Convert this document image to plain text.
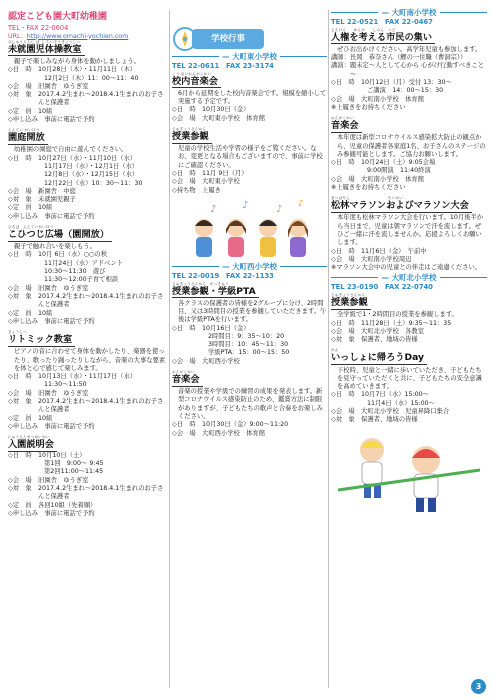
認定こども園大町幼稚園
TEL・FAX 22-0604
URL：http://www.omachi-yochien.com
みしゅうえんじ ぼ し たいそうきょうしつ
未就園児体操教室
親子で楽しみながら身体を動かしましょう。
◇日　時　 10月28日（木）・11月11日（木）
12月2日（木）11：00～11：40
◇会　場　 旧園舎　ゆうぎ室
◇対　象　 2017.4.2生まれ～2018.4.1生まれのお子さんと保護者
◇定　員　 10組
◇申し込み　 事前に電話で予約
えんてい かいほう
園庭開放
幼稚園の園庭で自由に遊んでください。
◇日　時　 10月27日（水）・11月10日（水）
11月17日（水）・12月1日（水）
12月8日（水）・12月15日（水）
12月22日（水）10：30～11：30
◇会　場　 新園舎　中庭
◇対　象　 未就園児親子
◇定　員　 10組
◇申し込み　 事前に電話で予約
ひろば　えんていかいほう
こひつじ広場（園開放）
親子で触れ合いを楽しもう。
◇日　時　 10月 6日（水）○○の秋
11月24日（水）アドベント
10:30～11:30　遊び
11:30～12:00子育て相談
◇会　場　 旧園舎　ゆうぎ室
◇対　象　 2017.4.2生まれ～2018.4.1生まれのお子さんと保護者
◇定　員　 10組
◇申し込み　 事前に電話で予約
きょうしつ
リトミック教室
ピアノの音に合わせて身体を動かしたり、楽器を使ったり、歌ったり踊ったりしながら、音楽の大事な要素を体と心で感じて楽しみます。
◇日　時　 10月13日（水）・11月17日（水）
11:30～11:50
◇会　場　 旧園舎　ゆうぎ室
◇対　象　 2017.4.2生まれ～2018.4.1生まれのお子さんと保護者
◇定　員　 10組
◇申し込み　 事前に電話で予約
にゅうえんせつめいかい
入園説明会
◇日　時　 10月10日（土）
第1回　9:00～ 9:45
第2回11:00～11:45
◇会　場　 旧園舎　ゆうぎ室
◇対　象　 2017.4.2生まれ～2018.4.1生まれのお子さんと保護者
◇定　員　 各回10組（先着順）
◇申し込み　 事前に電話で予約
学校行事
— 大町東小学校
TEL 22-0611　FAX 23-3174
こう ないおんがくかい
校内音楽会
6月から延期をした校内音楽会です。規模を縮小して実施する予定です。
◇日　時　 10月30日（金）
◇会　場　 大町東小学校　体育館
じゅぎょうさんかん
授業参観
児童の学校生活や学習の様子をご覧ください。なお、変更となる場合もございますので、事前に学校にご確認ください。
◇日　時　 11月 9日（月）
◇会　場　 大町東小学校
◇持ち物　 上履き
♪	♪	♪ ♪
— 大町西小学校
TEL 22-0019　FAX 22-1133
じゅぎょうさんかん　がっきゅう
授業参観・学級PTA
各クラスの保護者の皆様を2グループに分け、2時間目、又は3時間目の授業を参観していただきます。午後は学級PTAを行います。
◇日　時　 10月16日（金）
2時間目：9：35～10：20
3時間目：10：45～11：30
学級PTA：15：00～15：50
◇会　場　 大町西小学校
おんがくかい
音楽会
音楽の授業や学級での練習の成果を発表します。新型コロナウイルス感染防止のため、鑑賞方法に制限がありますが、子どもたちの歌声と合奏をお楽しみください。
◇日　時　 10月30日（金）9:00～11:20
◇会　場　 大町西小学校　体育館
— 大町南小学校
TEL 22-0521　FAX 22-0467
じんけん　　かんが　　しみん　つど
人権を考える市民の集い
ぜひお出かけください。高学年児童も参加します。
講師： 長岡　恭奈さん（鯉の一住職（曹洞宗））
講演： 題未定～人として心から 心がけ行動すべきこと～
◇日　時　 10月12日（月）受付 13：30～
ご講演　14：00～15：30
◇会　場　 大町南小学校　体育館
※上履きをお持ちください
おんがくかい
音楽会
本年度は新型コロナウイルス感染拡大防止の観点から、児童の保護者各家庭1名、お子さんのステージのみ参観可能とします。ご協力お願いします。
◇日　時　 10月24日（土）9:05会場
9:00開演　11:40終演
◇会　場　 大町南小学校　体育館
※上履きをお持ちください
まつばやし　　　　　　　　　　たいかい
松林マラソンおよびマラソン大会
本年度も松林マラソン大会を行います。10月後半から当日まで、児童は朝マラソンで汗を流します。ぜひご一緒に汗を流しませんか。応援よろしくお願いします。
◇日　時　 11月6日（金）　午前中
◇会　場　 大町南小学校周辺
※マラソン大会中の児童との伴走はご遠慮ください。
— 大町北小学校
TEL 23-0190　FAX 22-0740
じゅぎょうさんかん
授業参観
全学級で1・2時間目の授業を参観します。
◇日　時　 11月28日（土）9:35～11：35
◇会　場　 大町北小学校　各教室
◇対　象　 保護者、地域の皆様
かえ
いっしょに帰ろうDay
下校時、児童と一緒に歩いていただき、子どもたちを見守っていただくと共に、子どもたちの安全意識を高めていきます。
◇日　時　 10月7日（水）15:00～
11月4日（水）15:00～
◇会　場　 大町北小学校　児童昇降口集合
◇対　象　 保護者、地域の皆様
3
